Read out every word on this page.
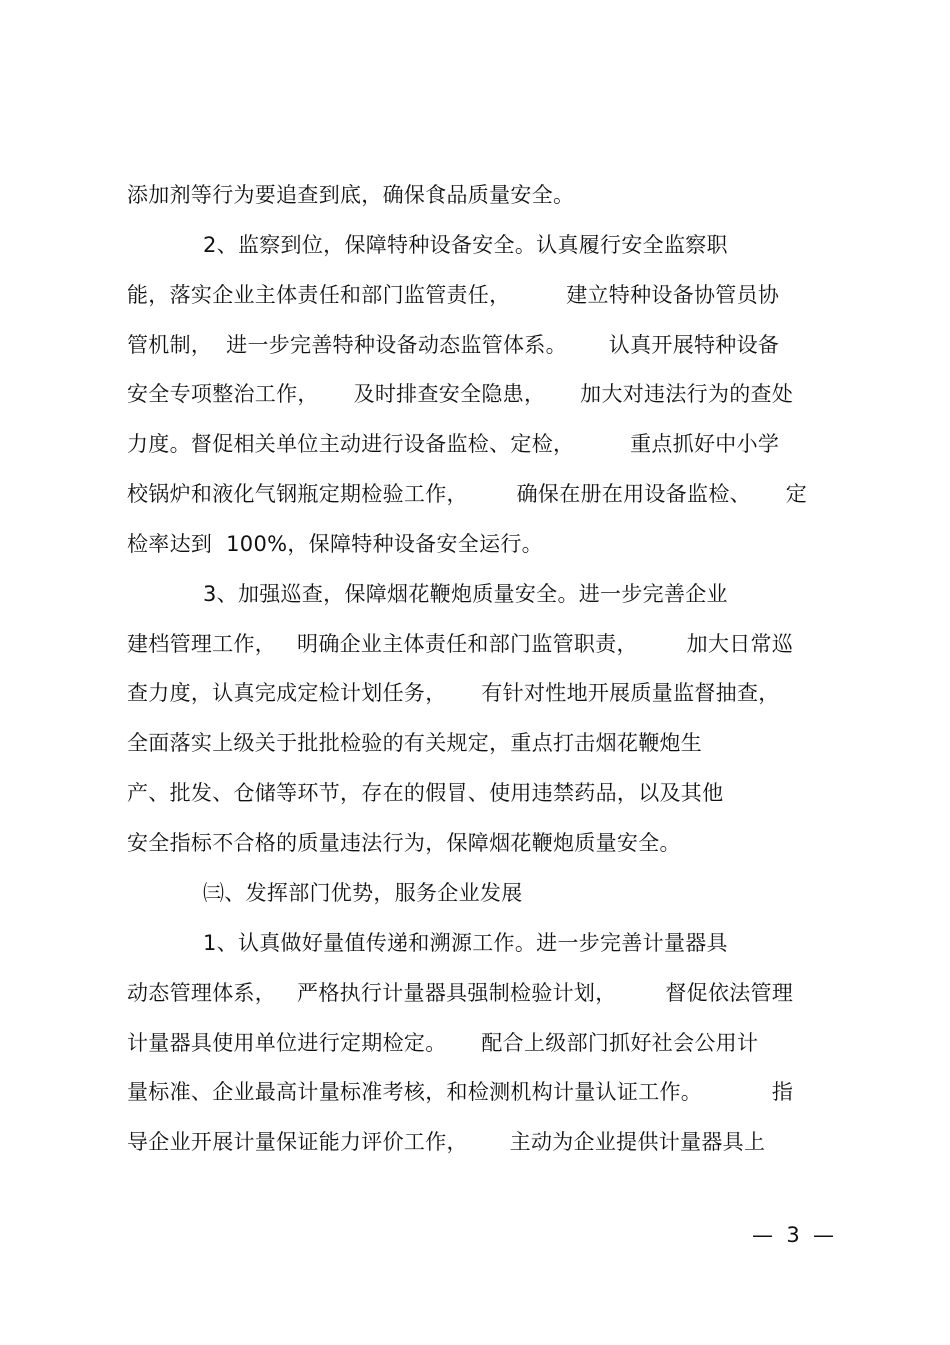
添加剂等行为要追查到底，确保食品质量安全。
2、监察到位，保障特种设备安全。认真履行安全监察职
能，落实企业主体责任和部门监管责任，        建立特种设备协管员协
管机制，  进一步完善特种设备动态监管体系。      认真开展特种设备
安全专项整治工作，     及时排查安全隐患，     加大对违法行为的查处
力度。督促相关单位主动进行设备监检、定检，        重点抓好中小学
校锅炉和液化气钢瓶定期检验工作，       确保在册在用设备监检、     定
检率达到  100%，保障特种设备安全运行。
3、加强巡查，保障烟花鞭炮质量安全。进一步完善企业
建档管理工作，   明确企业主体责任和部门监管职责，       加大日常巡
查力度，认真完成定检计划任务，     有针对性地开展质量监督抽查，
全面落实上级关于批批检验的有关规定，重点打击烟花鞭炮生
产、批发、仓储等环节，存在的假冒、使用违禁药品，以及其他
安全指标不合格的质量违法行为，保障烟花鞭炮质量安全。
㈢、发挥部门优势，服务企业发展
1、认真做好量值传递和溯源工作。进一步完善计量器具
动态管理体系，   严格执行计量器具强制检验计划，       督促依法管理
计量器具使用单位进行定期检定。     配合上级部门抓好社会公用计
量标准、企业最高计量标准考核，和检测机构计量认证工作。          指
导企业开展计量保证能力评价工作，      主动为企业提供计量器具上
—  3  —
